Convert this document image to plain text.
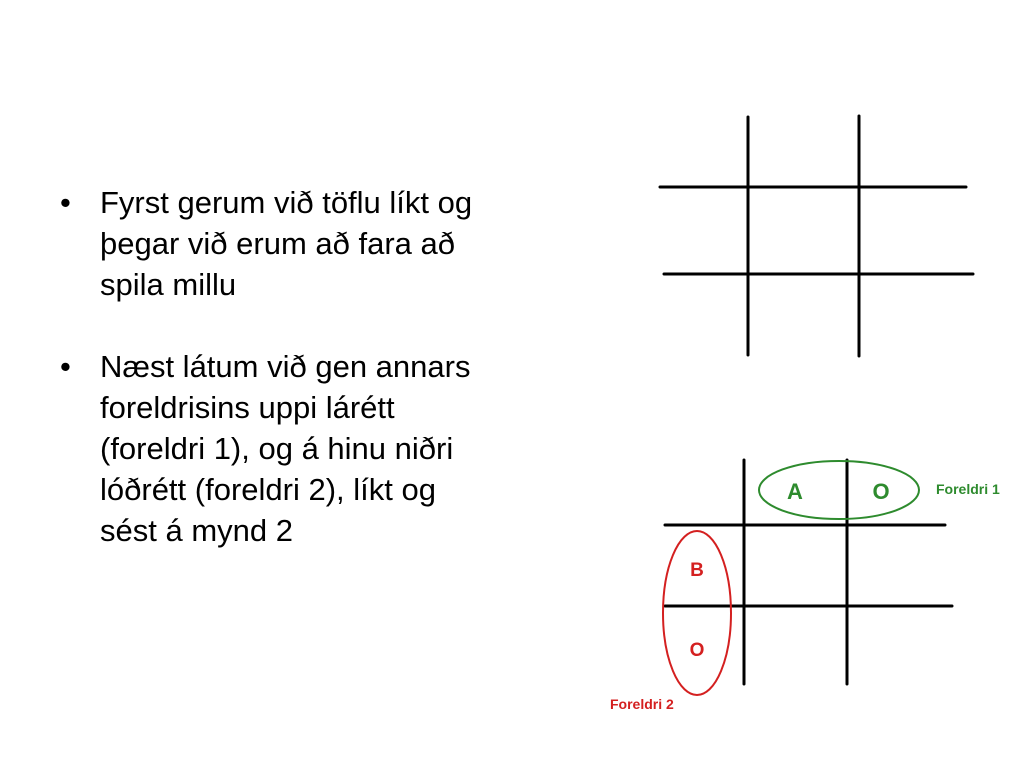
• Fyrst gerum við töflu líkt og þegar við erum að fara að spila millu
• Næst látum við gen annars foreldrisins uppi lárétt (foreldri 1), og á hinu niðri lóðrétt (foreldri 2), líkt og sést á mynd 2
A	O	Foreldri 1
B
O
Foreldri 2
